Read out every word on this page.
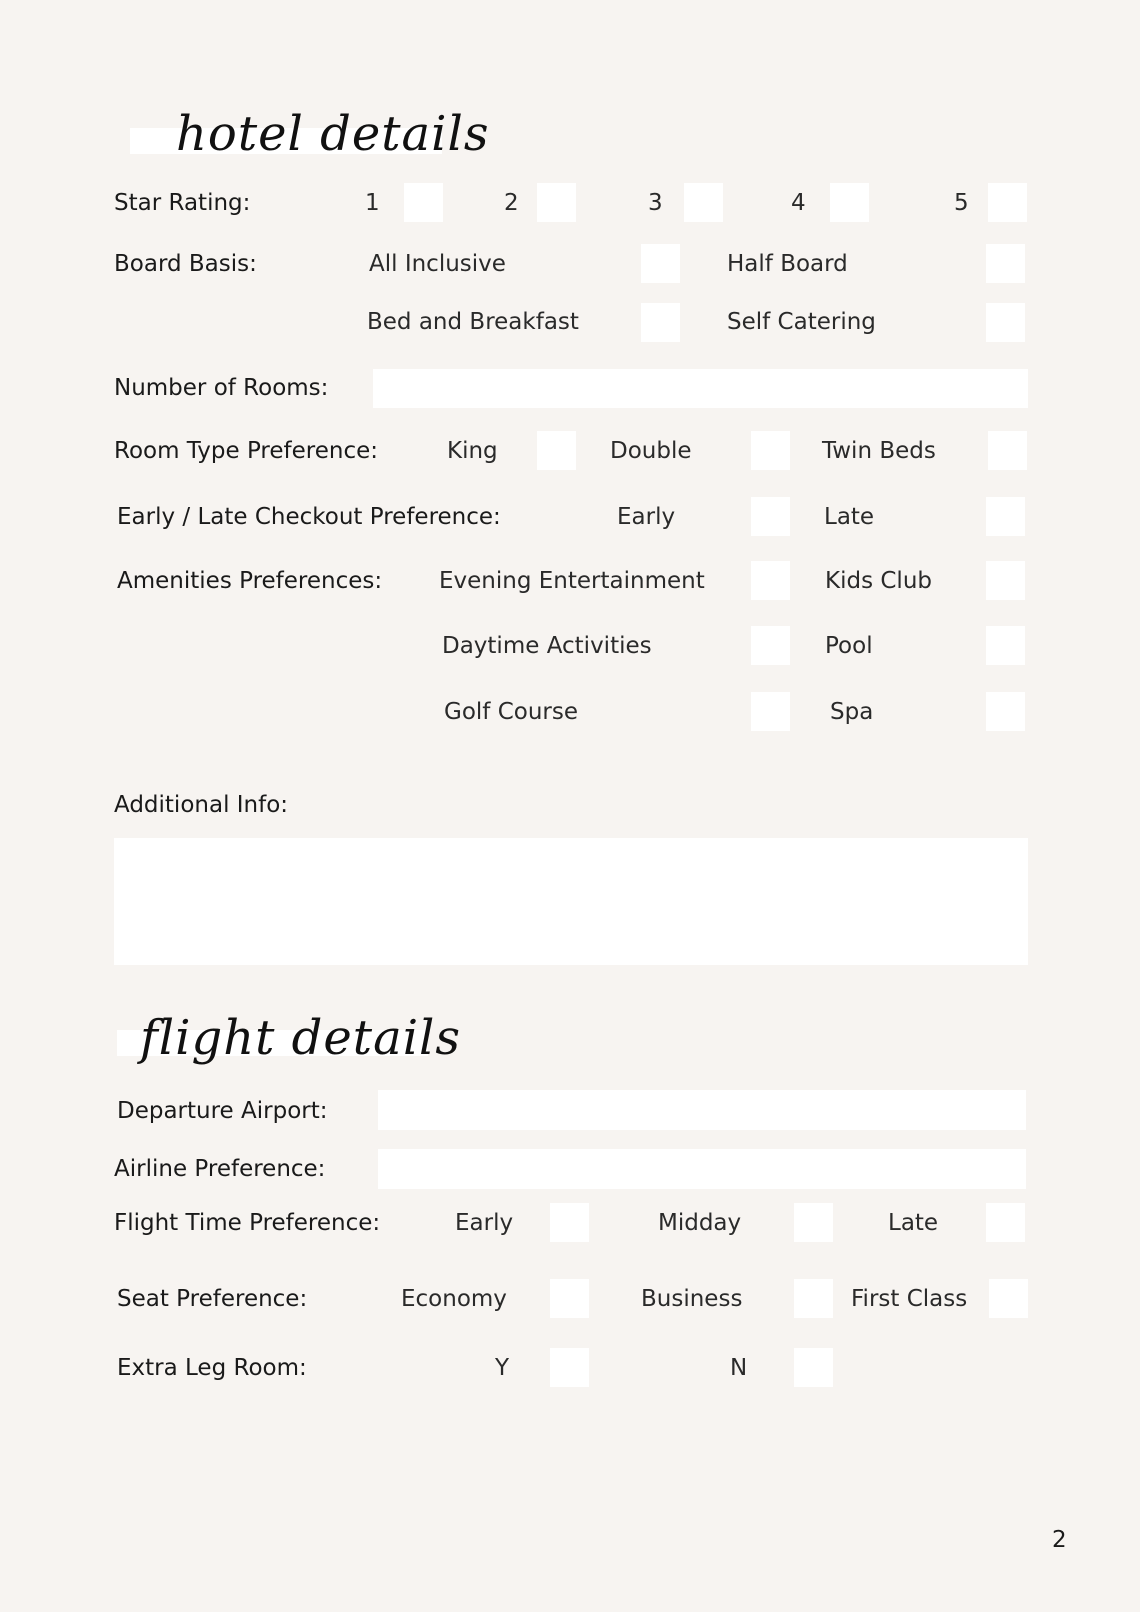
hotel details
Star Rating:	1	2	3	4	5
Board Basis:	All Inclusive	Half Board
Bed and Breakfast	Self Catering
Number of Rooms:
Room Type Preference:	King	Double	Twin Beds
Early / Late Checkout Preference:	Early	Late
Amenities Preferences: Evening Entertainment	Kids Club
Daytime Activities	Pool
Golf Course	Spa
Additional Info:
flight details
Departure Airport:
Airline Preference:
Flight Time Preference:	Early	Midday	Late
Seat Preference:	Economy	Business	First Class
Extra Leg Room:	Y	N
2
